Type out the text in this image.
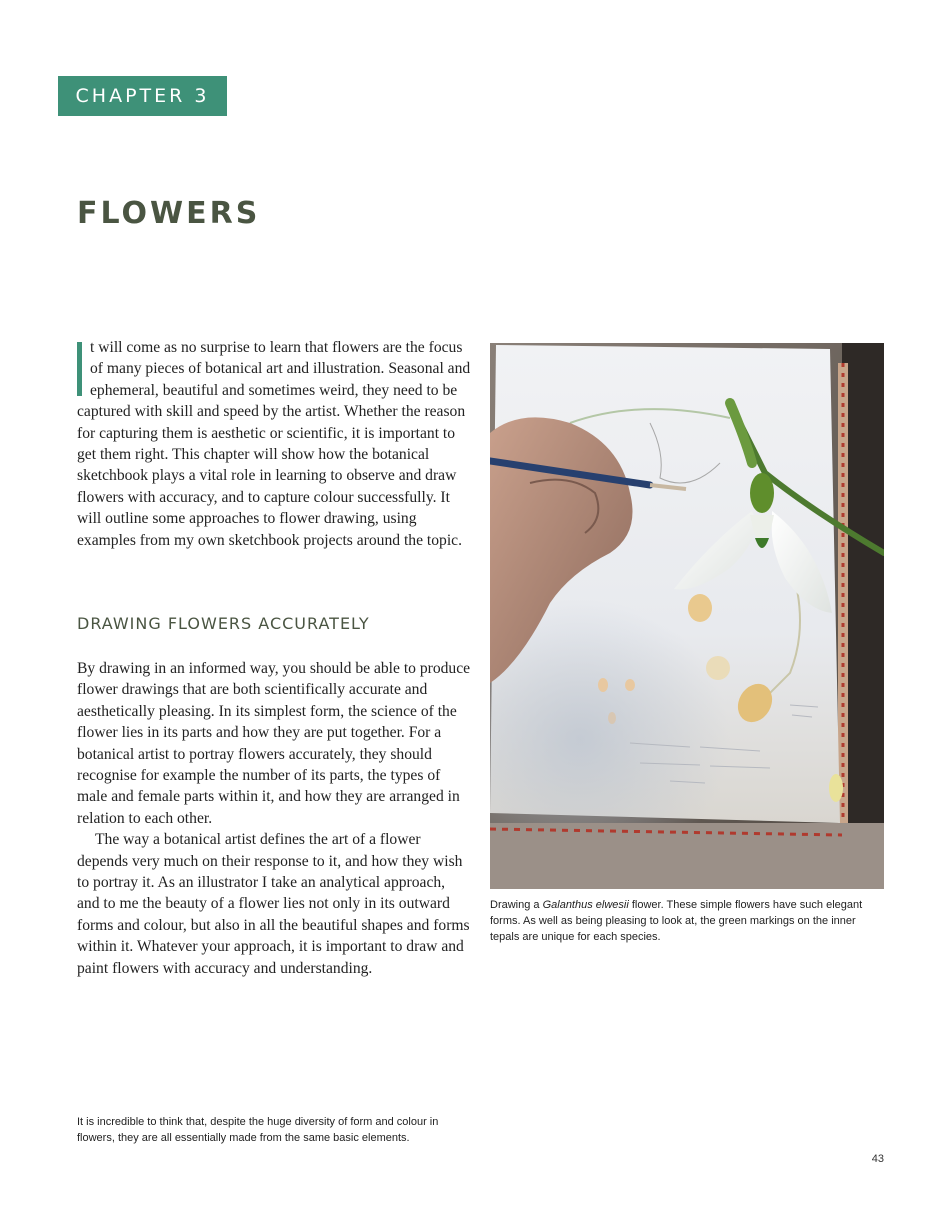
CHAPTER 3
FLOWERS

t will come as no surprise to learn that flowers are the focus of many pieces of botanical art and illustration. Seasonal and ephemeral, beautiful and sometimes weird, they need to be captured with skill and speed by the artist. Whether the reason for capturing them is aesthetic or scientific, it is important to get them right. This chapter will show how the botanical sketchbook plays a vital role in learning to observe and draw flowers with accuracy, and to capture colour successfully. It will outline some approaches to flower drawing, using examples from my own sketchbook projects around the topic.

DRAWING FLOWERS ACCURATELY

By drawing in an informed way, you should be able to produce flower drawings that are both scientifically accurate and aesthetically pleasing. In its simplest form, the science of the flower lies in its parts and how they are put together. For a botanical artist to portray flowers accurately, they should recognise for example the number of its parts, the types of male and female parts within it, and how they are arranged in relation to each other.

The way a botanical artist defines the art of a flower depends very much on their response to it, and how they wish to portray it. As an illustrator I take an analytical approach, and to me the beauty of a flower lies not only in its outward forms and colour, but also in all the beautiful shapes and forms within it. Whatever your approach, it is important to draw and paint flowers with accuracy and understanding.

Drawing a Galanthus elwesii flower. These simple flowers have such elegant forms. As well as being pleasing to look at, the green markings on the inner tepals are unique for each species.

It is incredible to think that, despite the huge diversity of form and colour in flowers, they are all essentially made from the same basic elements.

43
